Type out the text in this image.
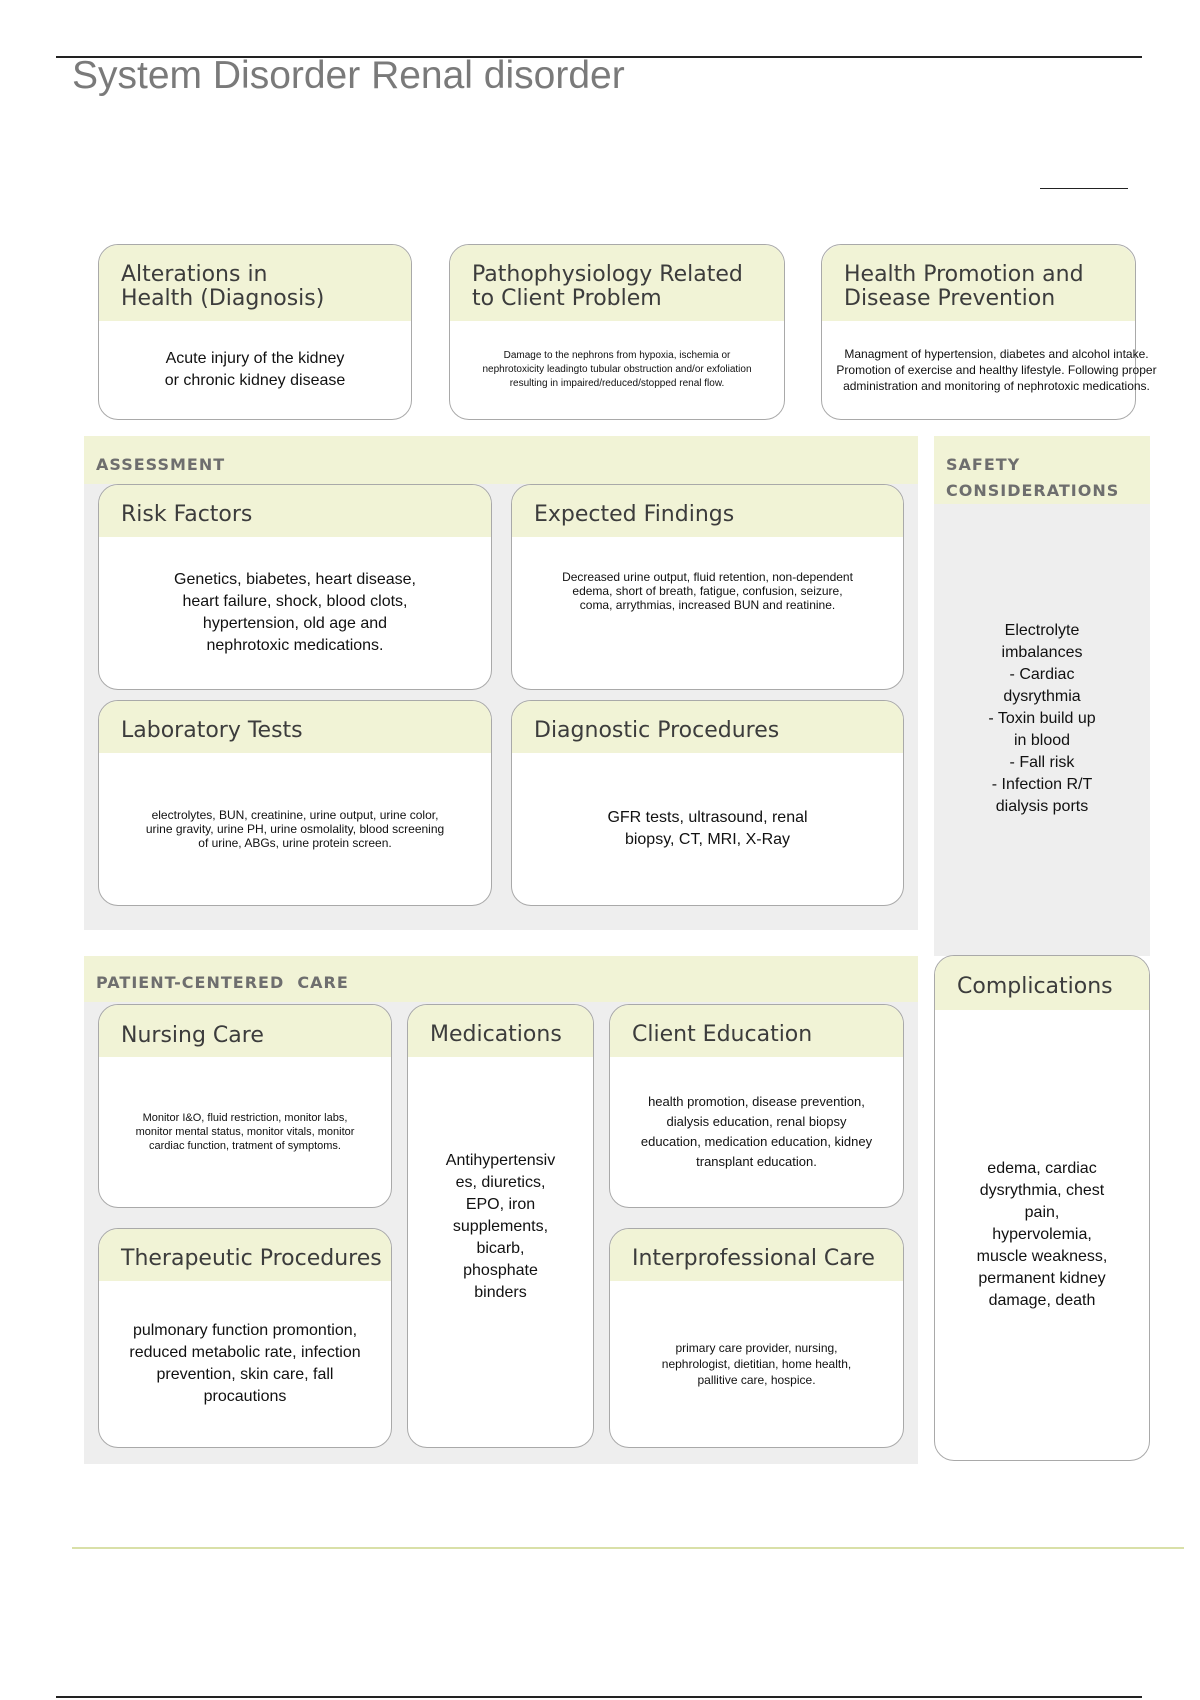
System Disorder Renal disorder
Alterations in
Health (Diagnosis)
Acute injury of the kidney
or chronic kidney disease
Pathophysiology Related
to Client Problem
Damage to the nephrons from hypoxia, ischemia or
nephrotoxicity leadingto tubular obstruction and/or exfoliation
resulting in impaired/reduced/stopped renal flow.
Health Promotion and
Disease Prevention
Managment of hypertension, diabetes and alcohol intake.
Promotion of exercise and healthy lifestyle. Following proper
administration and monitoring of nephrotoxic medications.
ASSESSMENT
Risk Factors
Genetics, biabetes, heart disease,
heart failure, shock, blood clots,
hypertension, old age and
nephrotoxic medications.
Expected Findings
Decreased urine output, fluid retention, non-dependent
edema, short of breath, fatigue, confusion, seizure,
coma, arrythmias, increased BUN and reatinine.
Laboratory Tests
electrolytes, BUN, creatinine, urine output, urine color,
urine gravity, urine PH, urine osmolality, blood screening
of urine, ABGs, urine protein screen.
Diagnostic Procedures
GFR tests, ultrasound, renal
biopsy, CT, MRI, X-Ray
SAFETY
CONSIDERATIONS
Electrolyte
imbalances
- Cardiac
dysrythmia
- Toxin build up
in blood
- Fall risk
- Infection R/T
dialysis ports
PATIENT-CENTERED  CARE
Nursing Care
Monitor I&O, fluid restriction, monitor labs,
monitor mental status, monitor vitals, monitor
cardiac function, tratment of symptoms.
Medications
Antihypertensiv
es, diuretics,
EPO, iron
supplements,
bicarb,
phosphate
binders
Client Education
health promotion, disease prevention,
dialysis education, renal biopsy
education, medication education, kidney
transplant education.
Therapeutic Procedures
pulmonary function promontion,
reduced metabolic rate, infection
prevention, skin care, fall
procautions
Interprofessional Care
primary care provider, nursing,
nephrologist, dietitian, home health,
pallitive care, hospice.
Complications
edema, cardiac
dysrythmia, chest
pain,
hypervolemia,
muscle weakness,
permanent kidney
damage, death
